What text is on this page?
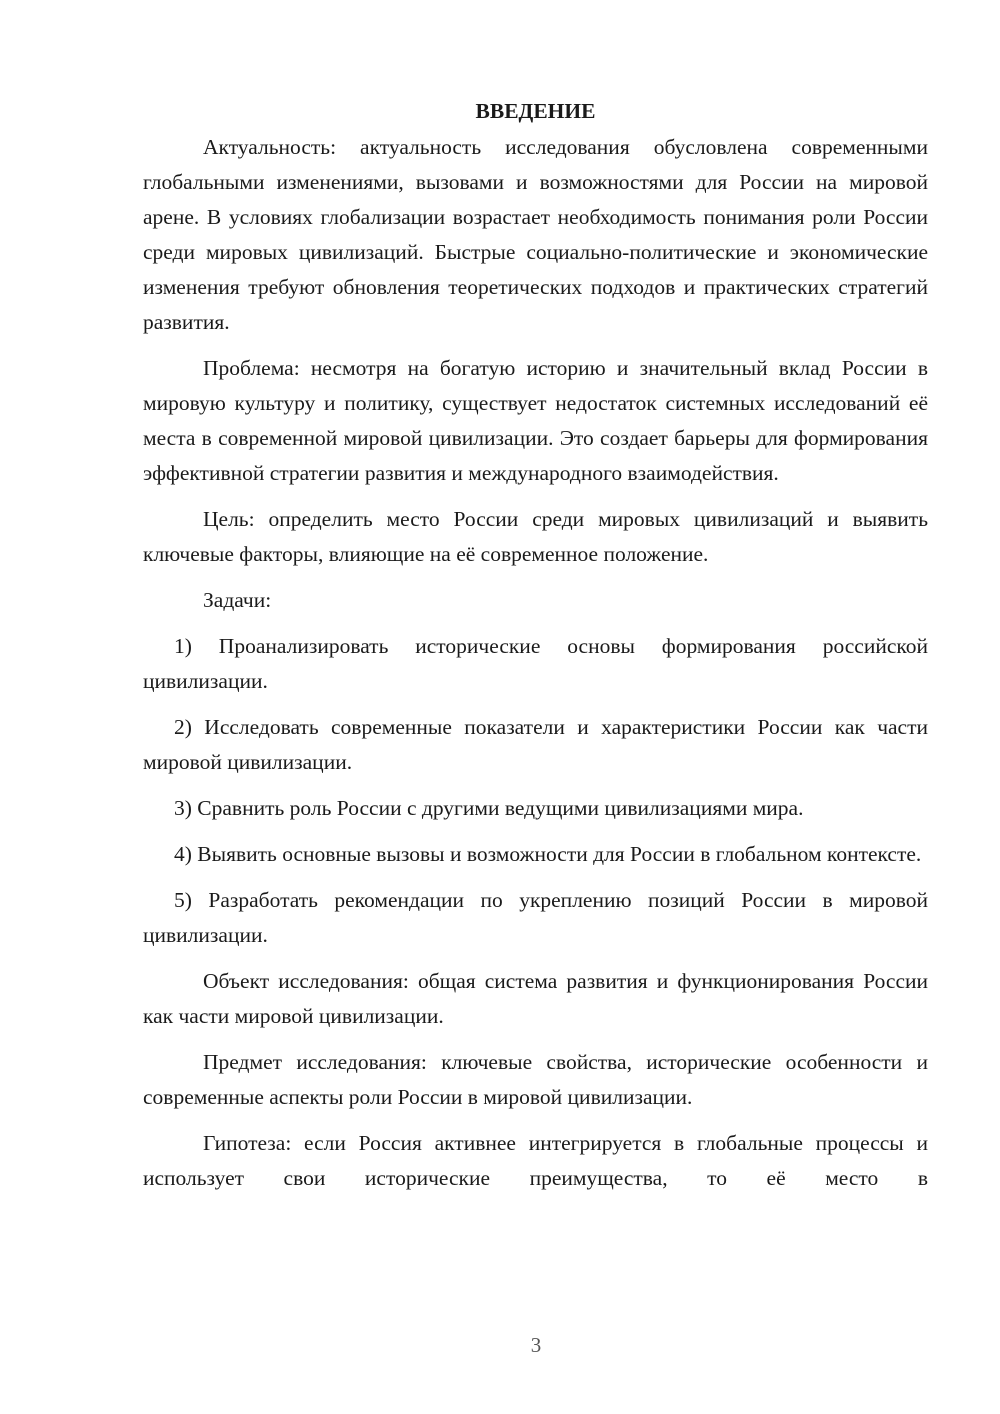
ВВЕДЕНИЕ

Актуальность: актуальность исследования обусловлена современными глобальными изменениями, вызовами и возможностями для России на мировой арене. В условиях глобализации возрастает необходимость понимания роли России среди мировых цивилизаций. Быстрые социально-политические и экономические изменения требуют обновления теоретических подходов и практических стратегий развития.

Проблема: несмотря на богатую историю и значительный вклад России в мировую культуру и политику, существует недостаток системных исследований её места в современной мировой цивилизации. Это создает барьеры для формирования эффективной стратегии развития и международного взаимодействия.

Цель: определить место России среди мировых цивилизаций и выявить ключевые факторы, влияющие на её современное положение.

Задачи:

1) Проанализировать исторические основы формирования российской цивилизации.

2) Исследовать современные показатели и характеристики России как части мировой цивилизации.

3) Сравнить роль России с другими ведущими цивилизациями мира.

4) Выявить основные вызовы и возможности для России в глобальном контексте.

5) Разработать рекомендации по укреплению позиций России в мировой цивилизации.

Объект исследования: общая система развития и функционирования России как части мировой цивилизации.

Предмет исследования: ключевые свойства, исторические особенности и современные аспекты роли России в мировой цивилизации.

Гипотеза: если Россия активнее интегрируется в глобальные процессы и использует свои исторические преимущества, то её место в

3
